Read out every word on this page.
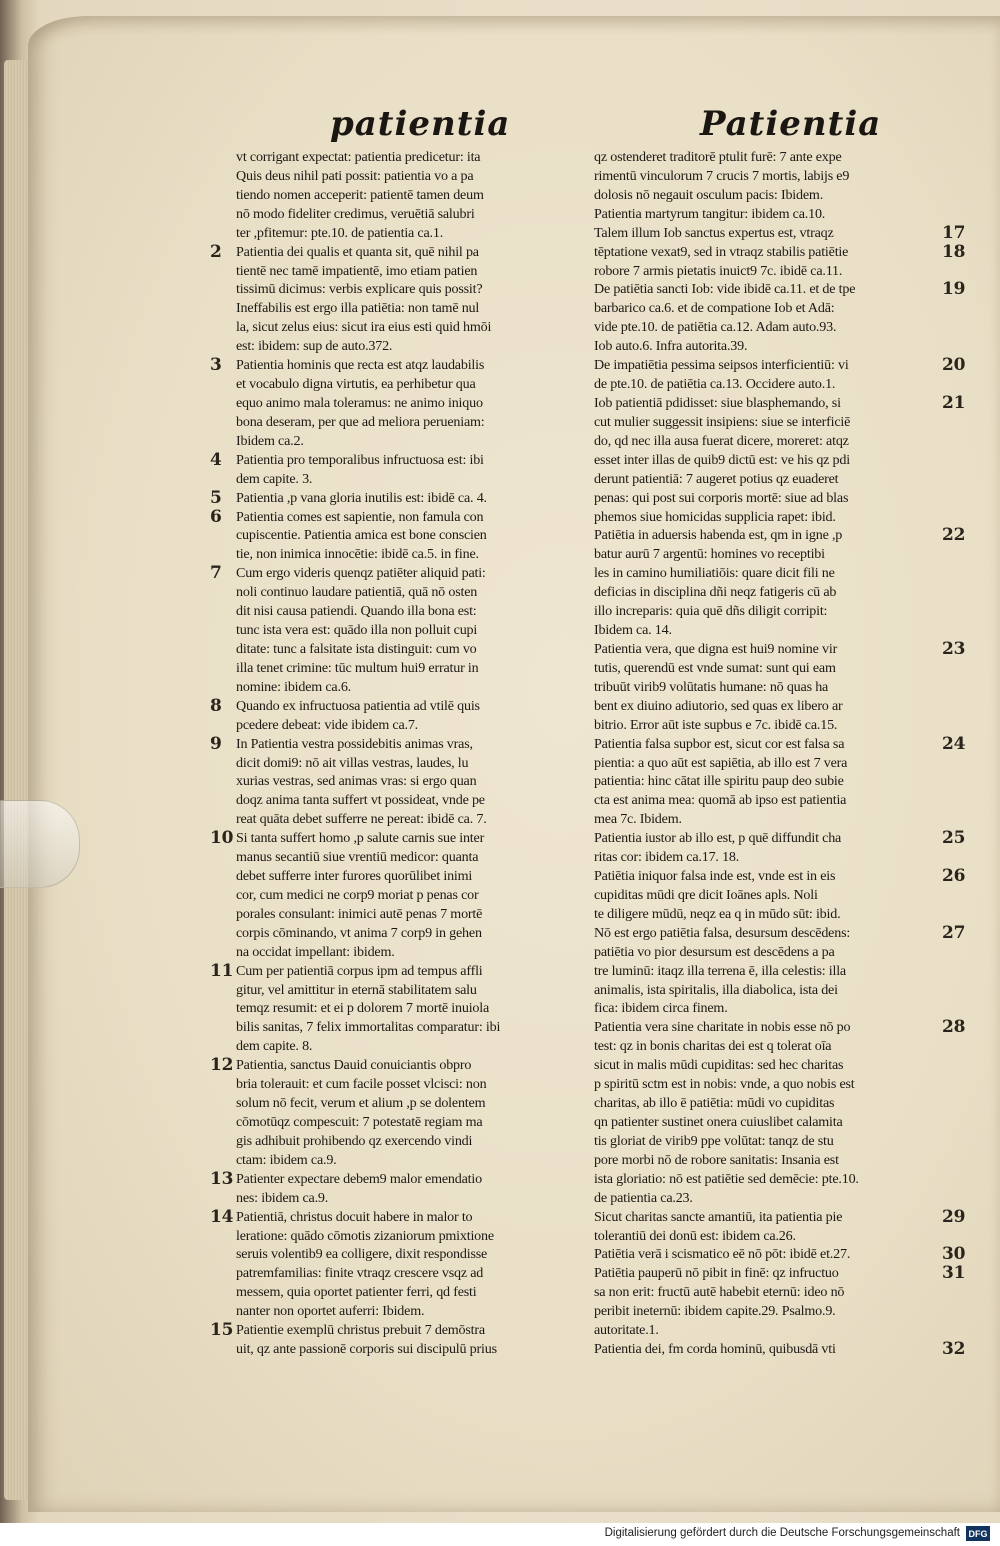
patientia	Patientia
vt corrigant expectat: patientia predicetur: ita
Quis deus nihil pati possit: patientia vo a pa
tiendo nomen acceperit: patientē tamen deum
nō modo fideliter credimus, veruētiā salubri
ter ,pfitemur: pte.10. de patientia ca.1.
2 Patientia dei qualis et quanta sit, quē nihil pa
tientē nec tamē impatientē, imo etiam patien
tissimū dicimus: verbis explicare quis possit?
Ineffabilis est ergo illa patiētia: non tamē nul
la, sicut zelus eius: sicut ira eius esti quid hmōi
est: ibidem: sup de auto.372.
3 Patientia hominis que recta est atqz laudabilis
et vocabulo digna virtutis, ea perhibetur qua
equo animo mala toleramus: ne animo iniquo
bona deseram, per que ad meliora perueniam:
Ibidem ca.2.
4 Patientia pro temporalibus infructuosa est: ibi
dem capite. 3.
5 Patientia ,p vana gloria inutilis est: ibidē ca. 4.
6 Patientia comes est sapientie, non famula con
cupiscentie. Patientia amica est bone conscien
tie, non inimica innocētie: ibidē ca.5. in fine.
7 Cum ergo videris quenqz patiēter aliquid pati:
noli continuo laudare patientiā, quā nō osten
dit nisi causa patiendi. Quando illa bona est:
tunc ista vera est: quādo illa non polluit cupi
ditate: tunc a falsitate ista distinguit: cum vo
illa tenet crimine: tūc multum hui9 erratur in
nomine: ibidem ca.6.
8 Quando ex infructuosa patientia ad vtilē quis
pcedere debeat: vide ibidem ca.7.
9 In Patientia vestra possidebitis animas vras,
dicit domi9: nō ait villas vestras, laudes, lu
xurias vestras, sed animas vras: si ergo quan
doqz anima tanta suffert vt possideat, vnde pe
reat quāta debet sufferre ne pereat: ibidē ca. 7.
10 Si tanta suffert homo ,p salute carnis sue inter
manus secantiū siue vrentiū medicor: quanta
debet sufferre inter furores quorūlibet inimi
cor, cum medici ne corp9 moriat p penas cor
porales consulant: inimici autē penas 7 mortē
corpis cōminando, vt anima 7 corp9 in gehen
na occidat impellant: ibidem.
11 Cum per patientiā corpus ipm ad tempus affli
gitur, vel amittitur in eternā stabilitatem salu
temqz resumit: et ei p dolorem 7 mortē inuiola
bilis sanitas, 7 felix immortalitas comparatur: ibi
dem capite. 8.
12 Patientia, sanctus Dauid conuiciantis obpro
bria tolerauit: et cum facile posset vlcisci: non
solum nō fecit, verum et alium ,p se dolentem
cōmotūqz compescuit: 7 potestatē regiam ma
gis adhibuit prohibendo qz exercendo vindi
ctam: ibidem ca.9.
13 Patienter expectare debem9 malor emendatio
nes: ibidem ca.9.
14 Patientiā, christus docuit habere in malor to
leratione: quādo cōmotis zizaniorum pmixtione
seruis volentib9 ea colligere, dixit respondisse
patremfamilias: finite vtraqz crescere vsqz ad
messem, quia oportet patienter ferri, qd festi
nanter non oportet auferri: Ibidem.
15 Patientie exemplū christus prebuit 7 demōstra
uit, qz ante passionē corporis sui discipulū prius
qz ostenderet traditorē ptulit furē: 7 ante expe
rimentū vinculorum 7 crucis 7 mortis, labijs e9
dolosis nō negauit osculum pacis: Ibidem.
Patientia martyrum tangitur: ibidem ca.10.
17
Talem illum Iob sanctus expertus est, vtraqz
18
tēptatione vexat9, sed in vtraqz stabilis patiētie
robore 7 armis pietatis inuict9 7c. ibidē ca.11.
19
De patiētia sancti Iob: vide ibidē ca.11. et de tpe
barbarico ca.6. et de compatione Iob et Adā:
vide pte.10. de patiētia ca.12. Adam auto.93.
Iob auto.6. Infra autorita.39.
20
De impatiētia pessima seipsos interficientiū: vi
de pte.10. de patiētia ca.13. Occidere auto.1.
21
Iob patientiā pdidisset: siue blasphemando, si
cut mulier suggessit insipiens: siue se interficiē
do, qd nec illa ausa fuerat dicere, moreret: atqz
esset inter illas de quib9 dictū est: ve his qz pdi
derunt patientiā: 7 augeret potius qz euaderet
penas: qui post sui corporis mortē: siue ad blas
phemos siue homicidas supplicia rapet: ibid.
22
Patiētia in aduersis habenda est, qm in igne ,p
batur aurū 7 argentū: homines vo receptibi
les in camino humiliatiōis: quare dicit fili ne
deficias in disciplina dñi neqz fatigeris cū ab
illo increparis: quia quē dñs diligit corripit:
Ibidem ca. 14.
23
Patientia vera, que digna est hui9 nomine vir
tutis, querendū est vnde sumat: sunt qui eam
tribuūt virib9 volūtatis humane: nō quas ha
bent ex diuino adiutorio, sed quas ex libero ar
bitrio. Error aūt iste supbus e 7c. ibidē ca.15.
24
Patientia falsa supbor est, sicut cor est falsa sa
pientia: a quo aūt est sapiētia, ab illo est 7 vera
patientia: hinc cātat ille spiritu paup deo subie
cta est anima mea: quomā ab ipso est patientia
mea 7c. Ibidem.
25
Patientia iustor ab illo est, p quē diffundit cha
ritas cor: ibidem ca.17. 18.
26
Patiētia iniquor falsa inde est, vnde est in eis
cupiditas mūdi qre dicit Ioānes apls. Noli
te diligere mūdū, neqz ea q in mūdo sūt: ibid.
27
Nō est ergo patiētia falsa, desursum descēdens:
patiētia vo pior desursum est descēdens a pa
tre luminū: itaqz illa terrena ē, illa celestis: illa
animalis, ista spiritalis, illa diabolica, ista dei
fica: ibidem circa finem.
28
Patientia vera sine charitate in nobis esse nō po
test: qz in bonis charitas dei est q tolerat oīa
sicut in malis mūdi cupiditas: sed hec charitas
p spiritū sctm est in nobis: vnde, a quo nobis est
charitas, ab illo ē patiētia: mūdi vo cupiditas
qn patienter sustinet onera cuiuslibet calamita
tis gloriat de virib9 ppe volūtat: tanqz de stu
pore morbi nō de robore sanitatis: Insania est
ista gloriatio: nō est patiētie sed demēcie: pte.10.
de patientia ca.23.
29
Sicut charitas sancte amantiū, ita patientia pie
tolerantiū dei donū est: ibidem ca.26.
30
Patiētia verā i scismatico eē nō pōt: ibidē et.27.
31
Patiētia pauperū nō pibit in finē: qz infructuo
sa non erit: fructū autē habebit eternū: ideo nō
peribit ineternū: ibidem capite.29. Psalmo.9.
autoritate.1.
32
Patientia dei, fm corda hominū, quibusdā vti
Digitalisierung gefördert durch die Deutsche Forschungsgemeinschaft DFG
